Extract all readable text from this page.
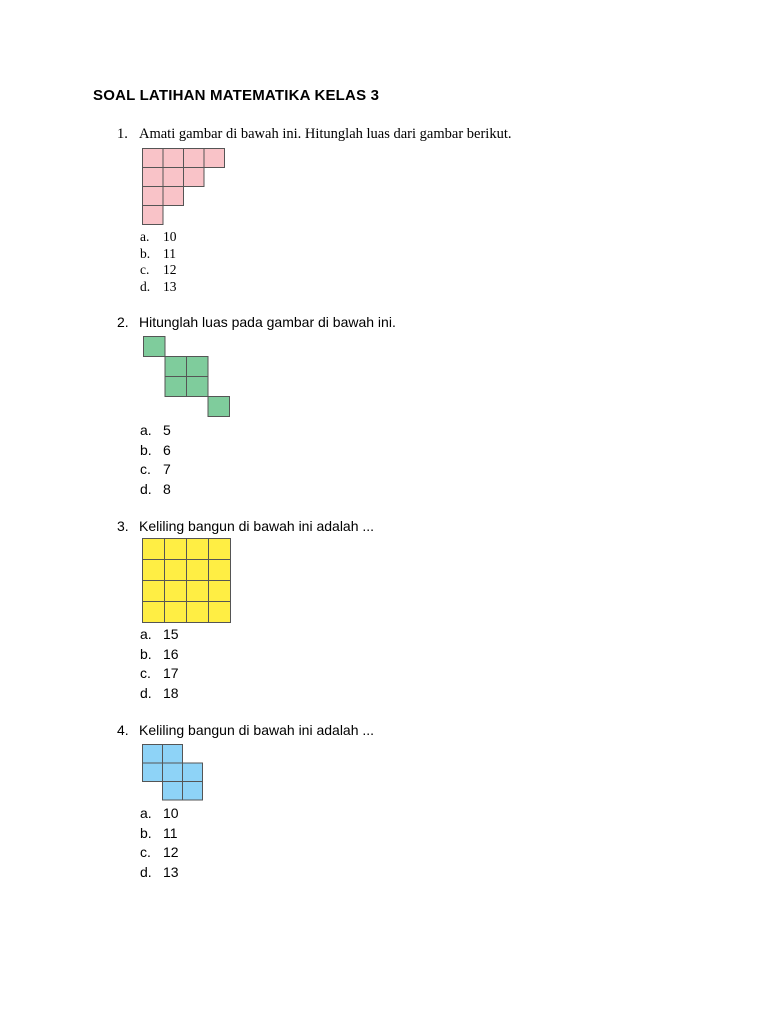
SOAL LATIHAN MATEMATIKA KELAS 3
1. Amati gambar di bawah ini. Hitunglah luas dari gambar berikut.
a.	10
b. 11
c.	12
d. 13
2. Hitunglah luas pada gambar di bawah ini.
a. 5
b. 6
c. 7
d. 8
3. Keliling bangun di bawah ini adalah ...
a. 15
b. 16
c. 17
d. 18
4. Keliling bangun di bawah ini adalah ...
a. 10
b. 11
c. 12
d. 13
